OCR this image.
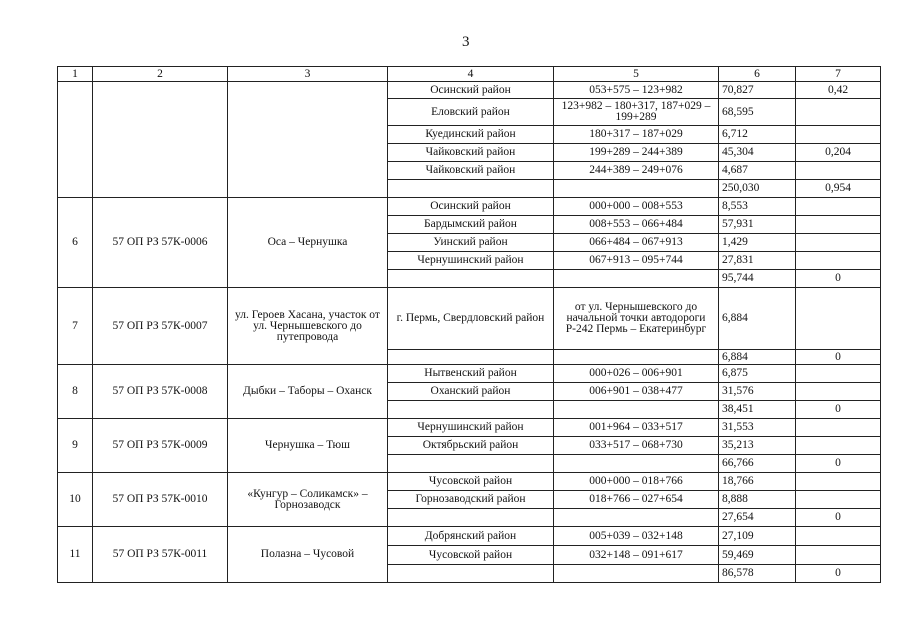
3
1	2	3	4	5	6	7
			Осинский район	053+575 – 123+982	70,827	0,42
			Еловский район	123+982 – 180+317, 187+029 – 199+289	68,595	
			Куединский район	180+317 – 187+029	6,712	
			Чайковский район	199+289 – 244+389	45,304	0,204
			Чайковский район	244+389 – 249+076	4,687	
					250,030	0,954
6	57 ОП РЗ 57К-0006	Оса – Чернушка	Осинский район	000+000 – 008+553	8,553	
			Бардымский район	008+553 – 066+484	57,931	
			Уинский район	066+484 – 067+913	1,429	
			Чернушинский район	067+913 – 095+744	27,831	
					95,744	0
7	57 ОП РЗ 57К-0007	ул. Героев Хасана, участок от ул. Чернышевского до путепровода	г. Пермь, Свердловский район	от ул. Чернышевского до начальной точки автодороги Р-242 Пермь – Екатеринбург	6,884	
					6,884	0
8	57 ОП РЗ 57К-0008	Дыбки – Таборы – Оханск	Нытвенский район	000+026 – 006+901	6,875	
			Оханский район	006+901 – 038+477	31,576	
					38,451	0
9	57 ОП РЗ 57К-0009	Чернушка – Тюш	Чернушинский район	001+964 – 033+517	31,553	
			Октябрьский район	033+517 – 068+730	35,213	
					66,766	0
10	57 ОП РЗ 57К-0010	«Кунгур – Соликамск» – Горнозаводск	Чусовской район	000+000 – 018+766	18,766	
			Горнозаводский район	018+766 – 027+654	8,888	
					27,654	0
11	57 ОП РЗ 57К-0011	Полазна – Чусовой	Добрянский район	005+039 – 032+148	27,109	
			Чусовской район	032+148 – 091+617	59,469	
					86,578	0
